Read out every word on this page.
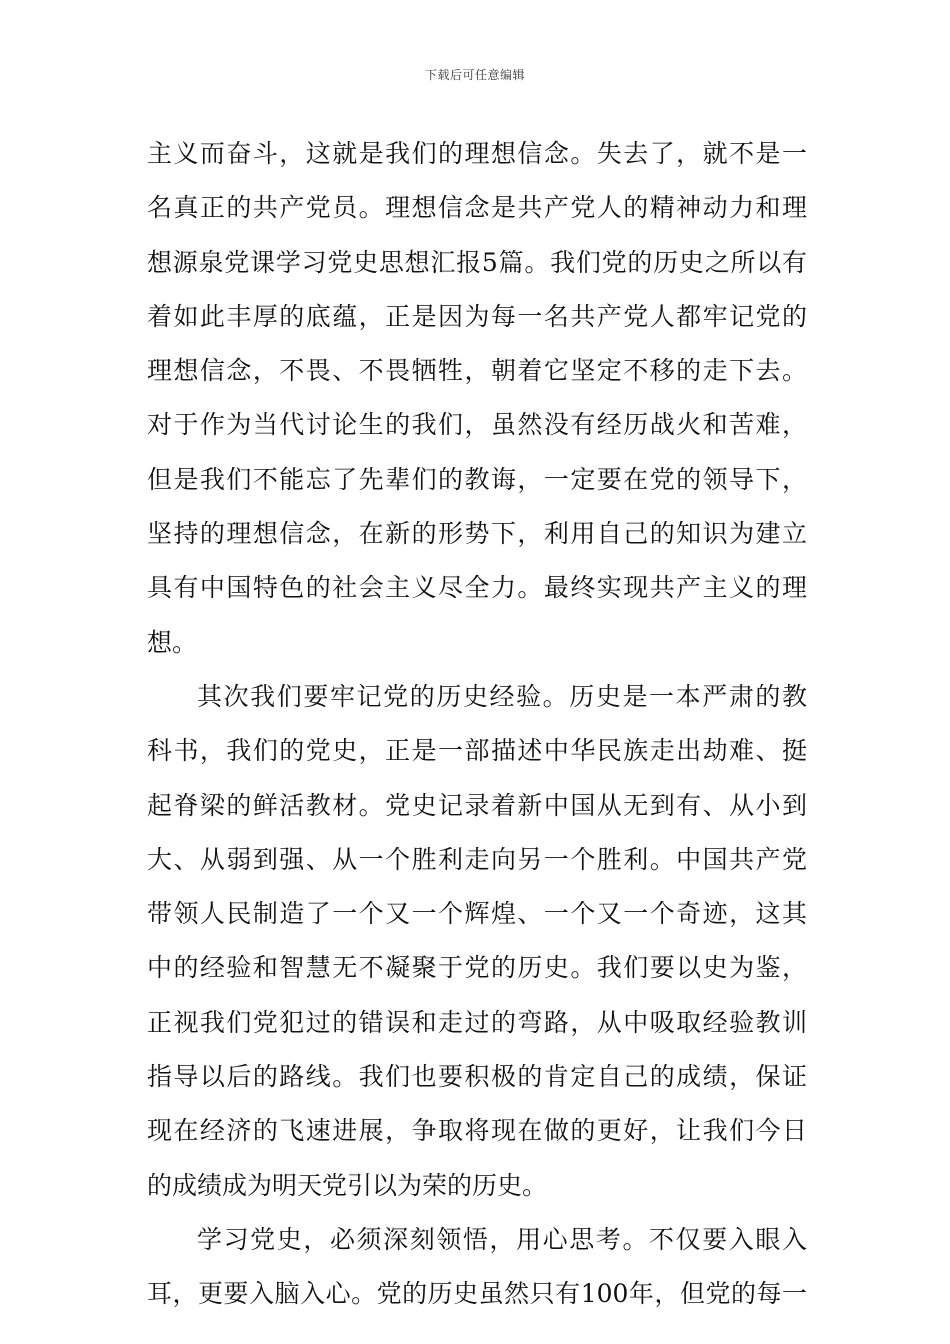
下载后可任意编辑
主义而奋斗，这就是我们的理想信念。失去了，就不是一
名真正的共产党员。理想信念是共产党人的精神动力和理
想源泉党课学习党史思想汇报5篇。我们党的历史之所以有
着如此丰厚的底蕴，正是因为每一名共产党人都牢记党的
理想信念，不畏、不畏牺牲，朝着它坚定不移的走下去。
对于作为当代讨论生的我们，虽然没有经历战火和苦难，
但是我们不能忘了先辈们的教诲，一定要在党的领导下，
坚持的理想信念，在新的形势下，利用自己的知识为建立
具有中国特色的社会主义尽全力。最终实现共产主义的理
想。
其次我们要牢记党的历史经验。历史是一本严肃的教
科书，我们的党史，正是一部描述中华民族走出劫难、挺
起脊梁的鲜活教材。党史记录着新中国从无到有、从小到
大、从弱到强、从一个胜利走向另一个胜利。中国共产党
带领人民制造了一个又一个辉煌、一个又一个奇迹，这其
中的经验和智慧无不凝聚于党的历史。我们要以史为鉴，
正视我们党犯过的错误和走过的弯路，从中吸取经验教训
指导以后的路线。我们也要积极的肯定自己的成绩，保证
现在经济的飞速进展，争取将现在做的更好，让我们今日
的成绩成为明天党引以为荣的历史。
学习党史，必须深刻领悟，用心思考。不仅要入眼入
耳，更要入脑入心。党的历史虽然只有100年，但党的每一
